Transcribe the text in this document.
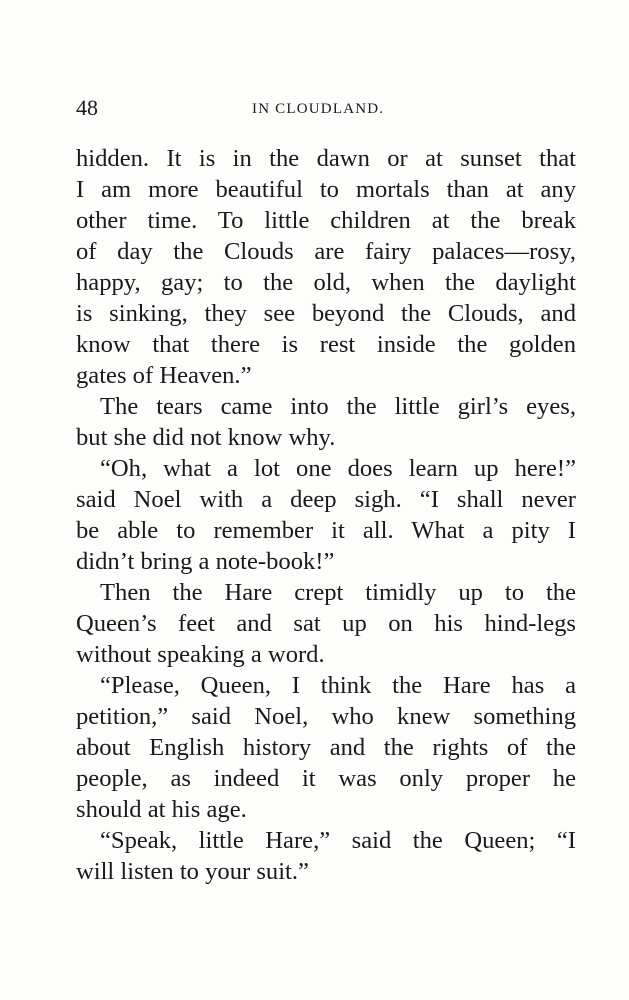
48	IN CLOUDLAND.
hidden. It is in the dawn or at sunset that
I am more beautiful to mortals than at any
other time. To little children at the break
of day the Clouds are fairy palaces—rosy,
happy, gay; to the old, when the daylight
is sinking, they see beyond the Clouds, and
know that there is rest inside the golden
gates of Heaven.”
The tears came into the little girl’s eyes,
but she did not know why.
“Oh, what a lot one does learn up here!”
said Noel with a deep sigh. “I shall never
be able to remember it all. What a pity I
didn’t bring a note-book!”
Then the Hare crept timidly up to the
Queen’s feet and sat up on his hind-legs
without speaking a word.
“Please, Queen, I think the Hare has a
petition,” said Noel, who knew something
about English history and the rights of the
people, as indeed it was only proper he
should at his age.
“Speak, little Hare,” said the Queen; “I
will listen to your suit.”
